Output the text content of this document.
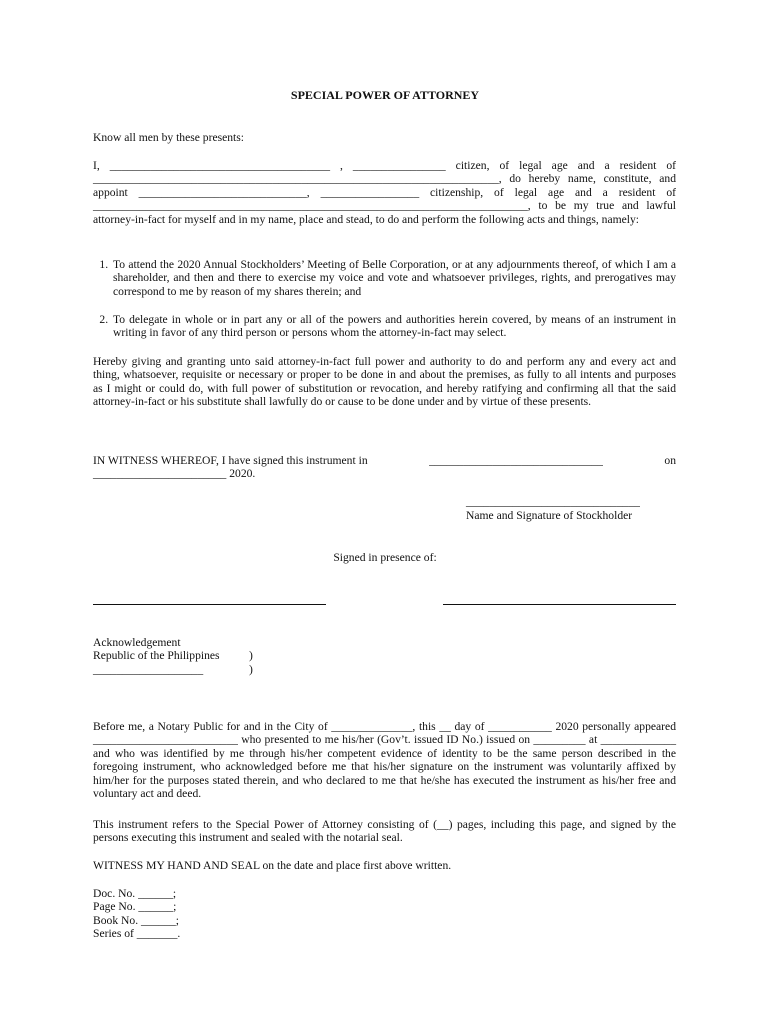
SPECIAL POWER OF ATTORNEY
Know all men by these presents:
I, ______________________________________ , ________________ citizen, of legal age and a resident of ______________________________________________________________________, do hereby name, constitute, and appoint _____________________________, _________________ citizenship, of legal age and a resident of ___________________________________________________________________________, to be my true and lawful attorney-in-fact for myself and in my name, place and stead, to do and perform the following acts and things, namely:
1. To attend the 2020 Annual Stockholders’ Meeting of Belle Corporation, or at any adjournments thereof, of which I am a shareholder, and then and there to exercise my voice and vote and whatsoever privileges, rights, and prerogatives may correspond to me by reason of my shares therein; and
2. To delegate in whole or in part any or all of the powers and authorities herein covered, by means of an instrument in writing in favor of any third person or persons whom the attorney-in-fact may select.
Hereby giving and granting unto said attorney-in-fact full power and authority to do and perform any and every act and thing, whatsoever, requisite or necessary or proper to be done in and about the premises, as fully to all intents and purposes as I might or could do, with full power of substitution or revocation, and hereby ratifying and confirming all that the said attorney-in-fact or his substitute shall lawfully do or cause to be done under and by virtue of these presents.
IN WITNESS WHEREOF, I have signed this instrument in	______________________________	on
_______________________ 2020.
______________________________
Name and Signature of Stockholder
Signed in presence of:
Acknowledgement
Republic of the Philippines	)
___________________	)
Before me, a Notary Public for and in the City of ______________, this __ day of ___________ 2020 personally appeared _________________________ who presented to me his/her (Gov’t. issued ID No.) issued on _________ at _____________ and who was identified by me through his/her competent evidence of identity to be the same person described in the foregoing instrument, who acknowledged before me that his/her signature on the instrument was voluntarily affixed by him/her for the purposes stated therein, and who declared to me that he/she has executed the instrument as his/her free and voluntary act and deed.
This instrument refers to the Special Power of Attorney consisting of (__) pages, including this page, and signed by the persons executing this instrument and sealed with the notarial seal.
WITNESS MY HAND AND SEAL on the date and place first above written.
Doc. No. ______;
Page No. ______;
Book No. ______;
Series of _______.
